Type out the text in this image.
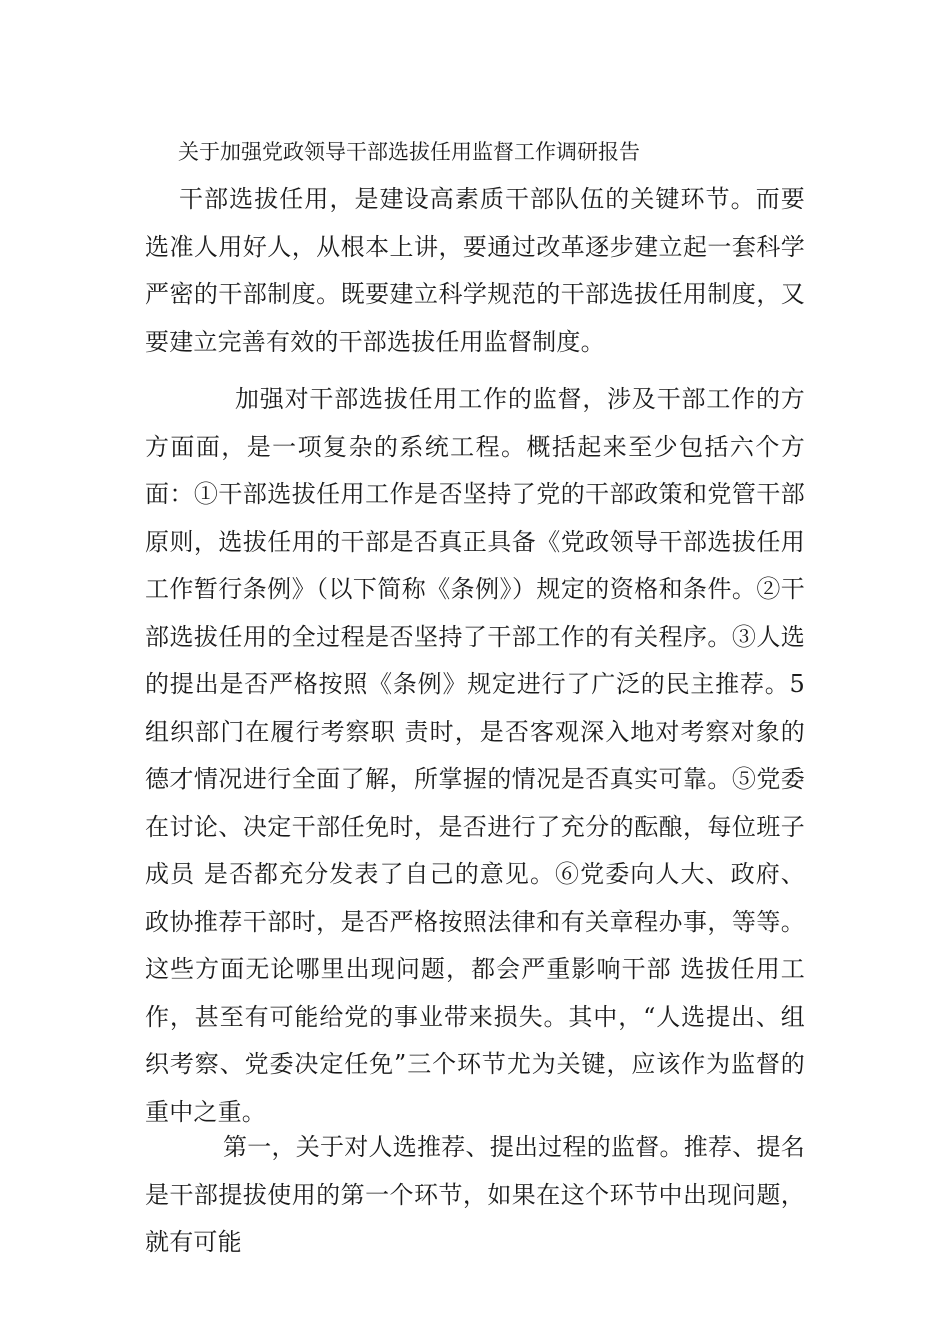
关于加强党政领导干部选拔任用监督工作调研报告

干部选拔任用，是建设高素质干部队伍的关键环节。而要选准人用好人，从根本上讲，要通过改革逐步建立起一套科学严密的干部制度。既要建立科学规范的干部选拔任用制度，又要建立完善有效的干部选拔任用监督制度。

加强对干部选拔任用工作的监督，涉及干部工作的方方面面，是一项复杂的系统工程。概括起来至少包括六个方面：①干部选拔任用工作是否坚持了党的干部政策和党管干部原则，选拔任用的干部是否真正具备《党政领导干部选拔任用工作暂行条例》（以下简称《条例》）规定的资格和条件。②干部选拔任用的全过程是否坚持了干部工作的有关程序。③人选的提出是否严格按照《条例》规定进行了广泛的民主推荐。5组织部门在履行考察职 责时，是否客观深入地对考察对象的德才情况进行全面了解，所掌握的情况是否真实可靠。⑤党委在讨论、决定干部任免时，是否进行了充分的酝酿，每位班子成员 是否都充分发表了自己的意见。⑥党委向人大、政府、政协推荐干部时，是否严格按照法律和有关章程办事，等等。这些方面无论哪里出现问题，都会严重影响干部 选拔任用工作，甚至有可能给党的事业带来损失。其中，“人选提出、组织考察、党委决定任免”三个环节尤为关键，应该作为监督的重中之重。

第一，关于对人选推荐、提出过程的监督。推荐、提名是干部提拔使用的第一个环节，如果在这个环节中出现问题，就有可能
